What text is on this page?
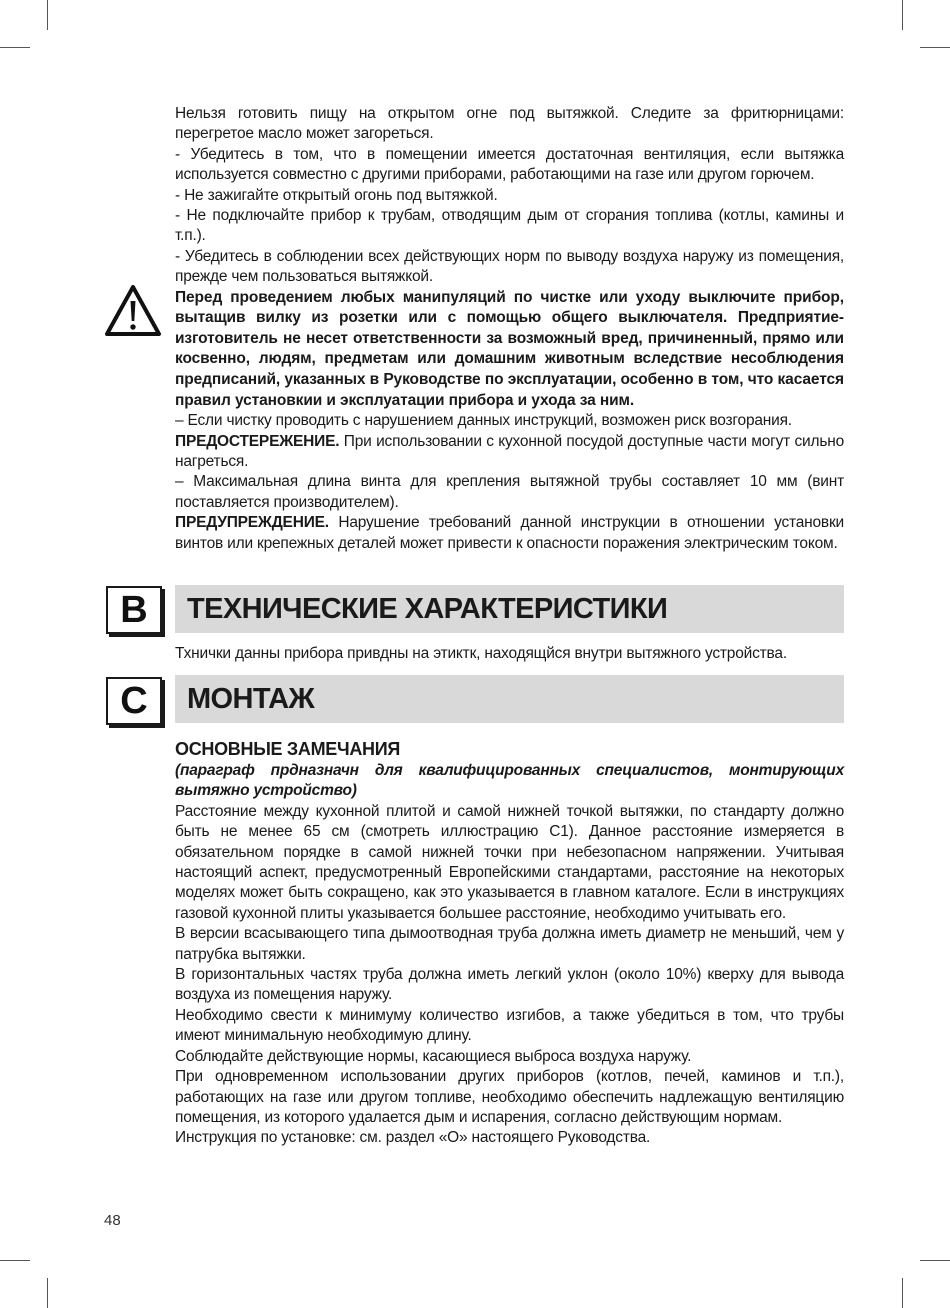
Нельзя готовить пищу на открытом огне под вытяжкой. Следите за фритюрницами: перегретое масло может загореться.

- Убедитесь в том, что в помещении имеется достаточная вентиляция, если вытяжка используется совместно с другими приборами, работающими на газе или другом горючем.

- Не зажигайте открытый огонь под вытяжкой.

- Не подключайте прибор к трубам, отводящим дым от сгорания топлива (котлы, камины и т.п.).

- Убедитесь в соблюдении всех действующих норм по выводу воздуха наружу из помещения, прежде чем пользоваться вытяжкой.

Перед проведением любых манипуляций по чистке или уходу выключите прибор, вытащив вилку из розетки или с помощью общего выключателя. Предприятие-изготовитель не несет ответственности за возможный вред, причиненный, прямо или косвенно, людям, предметам или домашним животным вследствие несоблюдения предписаний, указанных в Руководстве по эксплуатации, особенно в том, что касается правил установкии и эксплуатации прибора и ухода за ним.

– Если чистку проводить с нарушением данных инструкций, возможен риск возгорания.

ПРЕДОСТЕРЕЖЕНИЕ. При использовании с кухонной посудой доступные части могут сильно нагреться.

– Максимальная длина винта для крепления вытяжной трубы составляет 10 мм (винт поставляется производителем).

ПРЕДУПРЕЖДЕНИЕ. Нарушение требований данной инструкции в отношении установки винтов или крепежных деталей может привести к опасности поражения электрическим током.

B	ТЕХНИЧЕСКИЕ ХАРАКТЕРИСТИКИ
Тхнички данны прибора привдны на этиктк, находящйся внутри вытяжного устройства.
C	МОНТАЖ

ОСНОВНЫЕ ЗАМЕЧАНИЯ

(параграф прдназначн для квалифицированных специалистов, монтирующих вытяжно устройство)

Расстояние между кухонной плитой и самой нижней точкой вытяжки, по стандарту должно быть не менее 65 см (смотреть иллюстрацию C1). Данное расстояние измеряется в обязательном порядке в самой нижней точки при небезопасном напряжении. Учитывая настоящий аспект, предусмотренный Европейскими стандартами, расстояние на некоторых моделях может быть сокращено, как это указывается в главном каталоге. Если в инструкциях газовой кухонной плиты указывается большее расстояние, необходимо учитывать его.

В версии всасывающего типа дымоотводная труба должна иметь диаметр не меньший, чем у патрубка вытяжки.

В горизонтальных частях труба должна иметь легкий уклон (около 10%) кверху для вывода воздуха из помещения наружу.

Необходимо свести к минимуму количество изгибов, а также убедиться в том, что трубы имеют минимальную необходимую длину.

Соблюдайте действующие нормы, касающиеся выброса воздуха наружу.

При одновременном использовании других приборов (котлов, печей, каминов и т.п.), работающих на газе или другом топливе, необходимо обеспечить надлежащую вентиляцию помещения, из которого удалается дым и испарения, согласно действующим нормам.

Инструкция по установке: см. раздел «O» настоящего Руководства.

48
